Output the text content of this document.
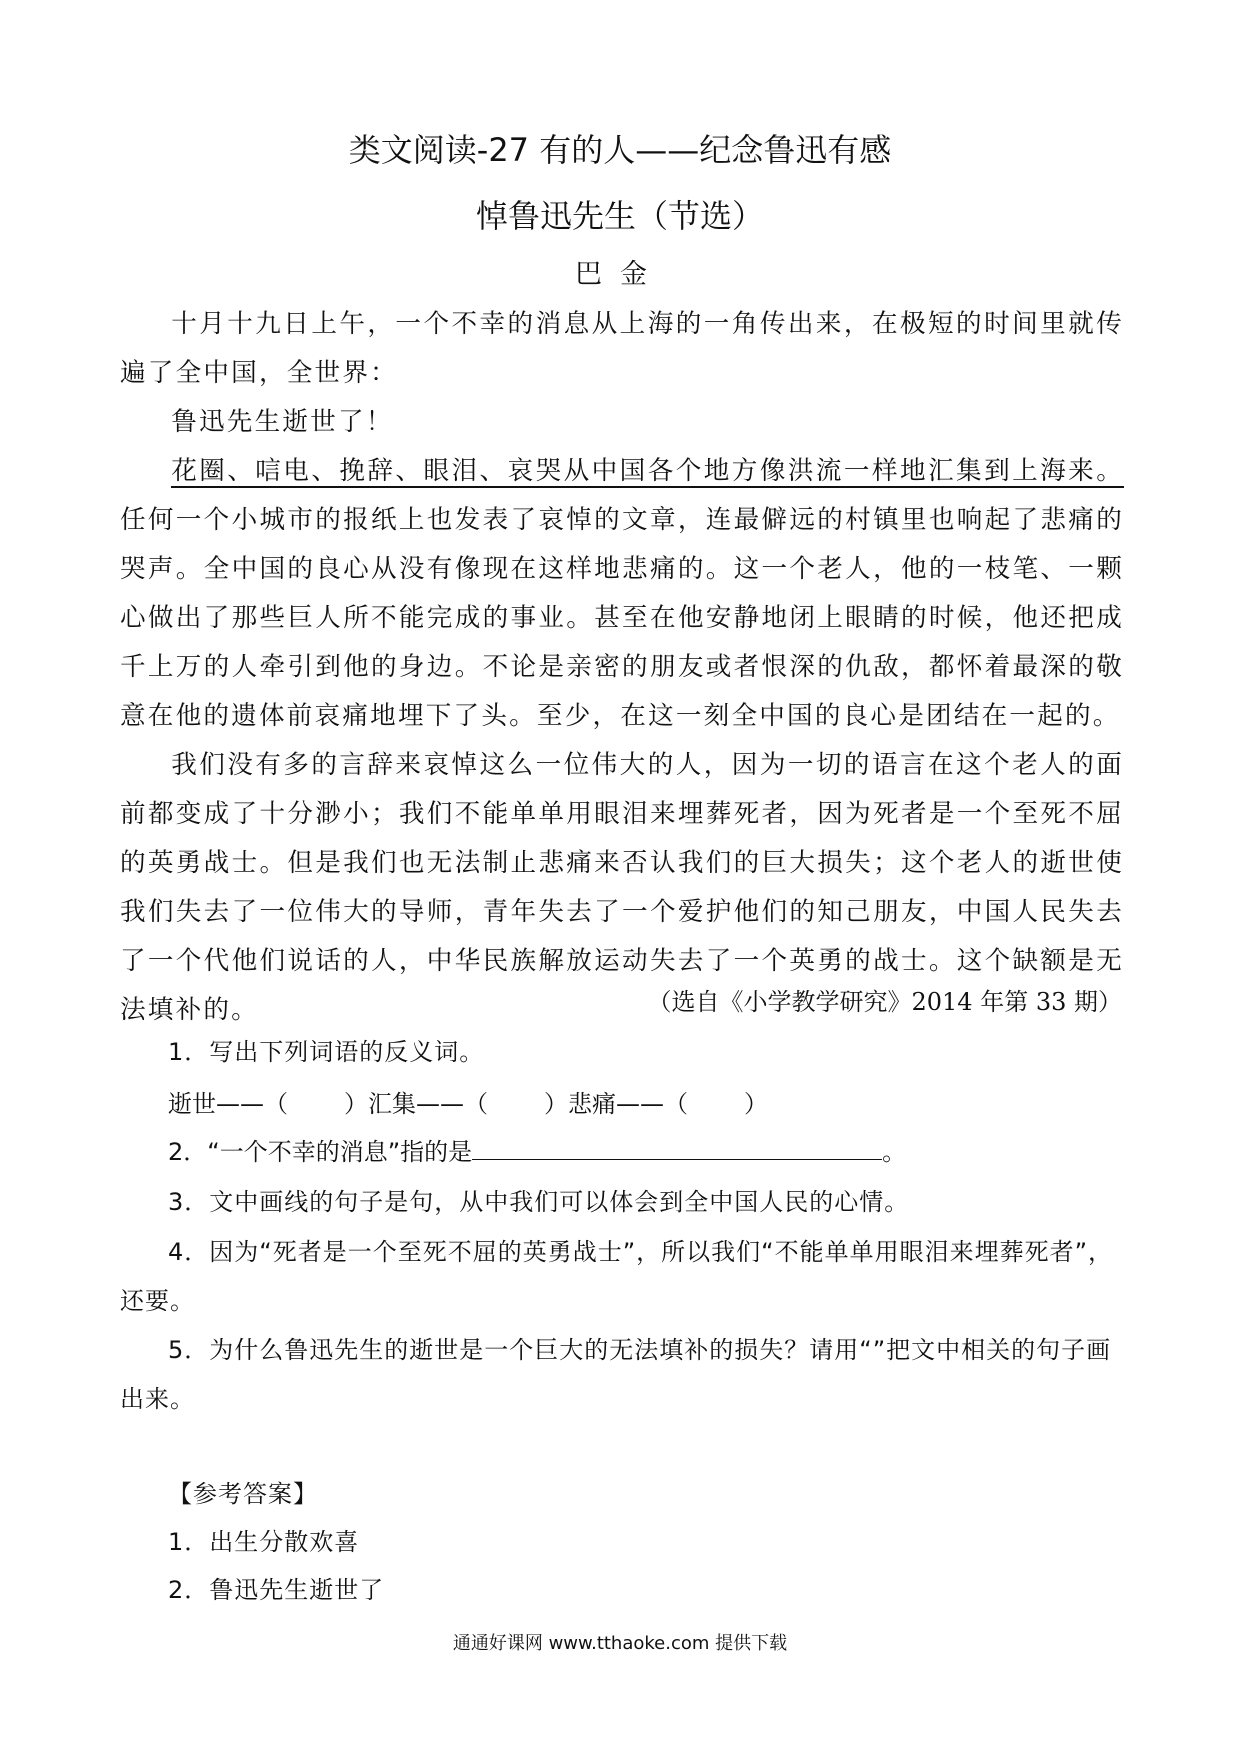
类文阅读-27 有的人——纪念鲁迅有感
悼鲁迅先生（节选）
巴金

十月十九日上午，一个不幸的消息从上海的一角传出来，在极短的时间里就传遍了全中国，全世界：

鲁迅先生逝世了！

花圈、唁电、挽辞、眼泪、哀哭从中国各个地方像洪流一样地汇集到上海来。任何一个小城市的报纸上也发表了哀悼的文章，连最僻远的村镇里也响起了悲痛的哭声。全中国的良心从没有像现在这样地悲痛的。这一个老人，他的一枝笔、一颗心做出了那些巨人所不能完成的事业。甚至在他安静地闭上眼睛的时候，他还把成千上万的人牵引到他的身边。不论是亲密的朋友或者恨深的仇敌，都怀着最深的敬意在他的遗体前哀痛地埋下了头。至少，在这一刻全中国的良心是团结在一起的。

我们没有多的言辞来哀悼这么一位伟大的人，因为一切的语言在这个老人的面前都变成了十分渺小；我们不能单单用眼泪来埋葬死者，因为死者是一个至死不屈的英勇战士。但是我们也无法制止悲痛来否认我们的巨大损失；这个老人的逝世使我们失去了一位伟大的导师，青年失去了一个爱护他们的知己朋友，中国人民失去了一个代他们说话的人，中华民族解放运动失去了一个英勇的战士。这个缺额是无法填补的。	（选自《小学教学研究》2014 年第 33 期）
1．写出下列词语的反义词。
逝世——（ ）汇集——（ ）悲痛——（ ）
2．“一个不幸的消息”指的是	。
3．文中画线的句子是句，从中我们可以体会到全中国人民的心情。
4．因为“死者是一个至死不屈的英勇战士”，所以我们“不能单单用眼泪来埋葬死者”，还要。
5．为什么鲁迅先生的逝世是一个巨大的无法填补的损失？请用“”把文中相关的句子画出来。
【参考答案】
1．出生分散欢喜
2．鲁迅先生逝世了
通通好课网 www.tthaoke.com 提供下载
